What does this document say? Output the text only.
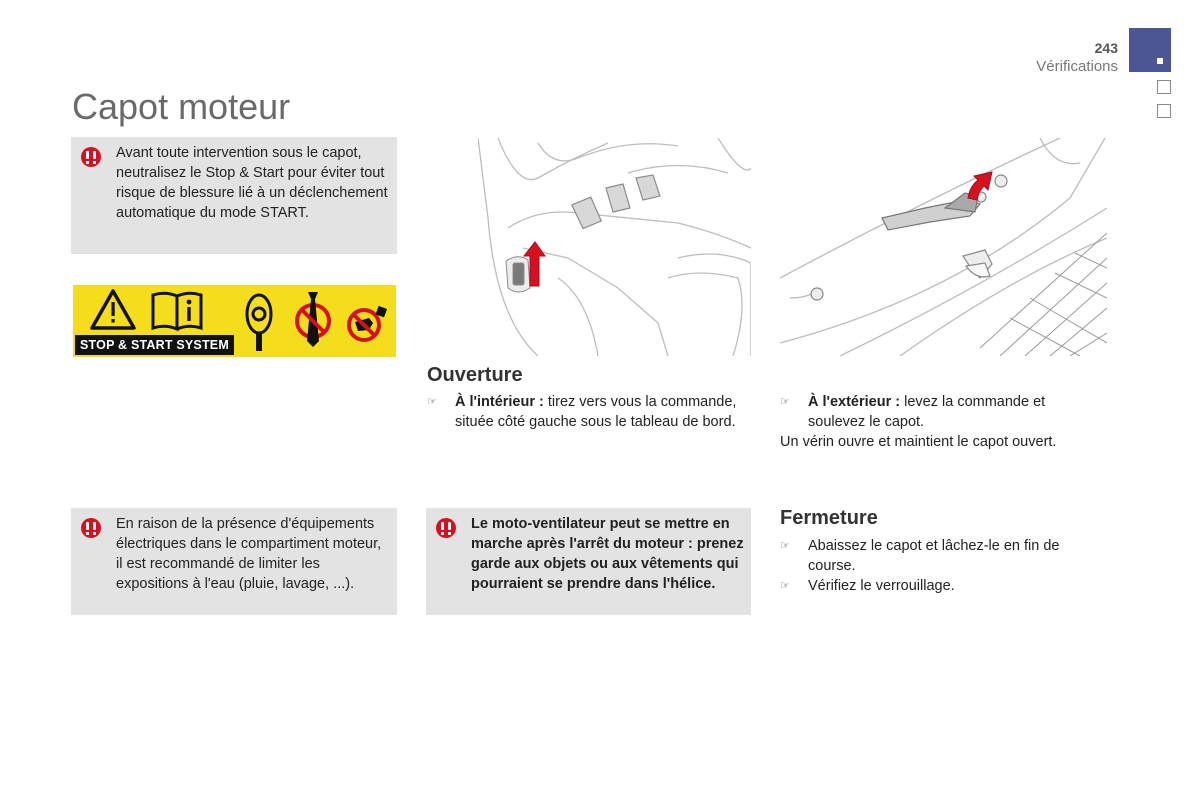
243
Vérifications
Capot moteur
Avant toute intervention sous le capot, neutralisez le Stop & Start pour éviter tout risque de blessure lié à un déclenchement automatique du mode START.
STOP & START SYSTEM
Ouverture
☞	À l'intérieur : tirez vers vous la commande, située côté gauche sous le tableau de bord.
☞	À l'extérieur : levez la commande et soulevez le capot.
Un vérin ouvre et maintient le capot ouvert.
En raison de la présence d'équipements électriques dans le compartiment moteur, il est recommandé de limiter les expositions à l'eau (pluie, lavage, ...).
Le moto-ventilateur peut se mettre en marche après l'arrêt du moteur : prenez garde aux objets ou aux vêtements qui pourraient se prendre dans l'hélice.
Fermeture
☞	Abaissez le capot et lâchez-le en fin de course.
☞	Vérifiez le verrouillage.
